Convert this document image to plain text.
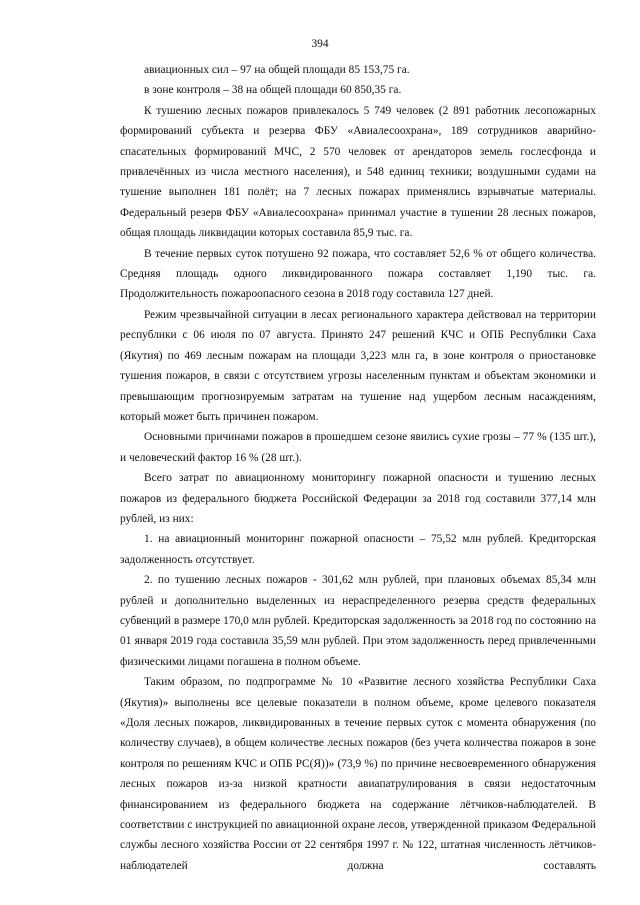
394

авиационных сил – 97 на общей площади 85 153,75 га.

в зоне контроля – 38 на общей площади 60 850,35 га.

К тушению лесных пожаров привлекалось 5 749 человек (2 891 работник лесопожарных формирований субъекта и резерва ФБУ «Авиалесоохрана», 189 сотрудников аварийно-спасательных формирований МЧС, 2 570 человек от арендаторов земель гослесфонда и привлечённых из числа местного населения), и 548 единиц техники; воздушными судами на тушение выполнен 181 полёт; на 7 лесных пожарах применялись взрывчатые материалы. Федеральный резерв ФБУ «Авиалесоохрана» принимал участие в тушении 28 лесных пожаров, общая площадь ликвидации которых составила 85,9 тыс. га.

В течение первых суток потушено 92 пожара, что составляет 52,6 % от общего количества. Средняя площадь одного ликвидированного пожара составляет 1,190 тыс. га. Продолжительность пожароопасного сезона в 2018 году составила 127 дней.

Режим чрезвычайной ситуации в лесах регионального характера действовал на территории республики с 06 июля по 07 августа. Принято 247 решений КЧС и ОПБ Республики Саха (Якутия) по 469 лесным пожарам на площади 3,223 млн га, в зоне контроля о приостановке тушения пожаров, в связи с отсутствием угрозы населенным пунктам и объектам экономики и превышающим прогнозируемым затратам на тушение над ущербом лесным насаждениям, который может быть причинен пожаром.

Основными причинами пожаров в прошедшем сезоне явились сухие грозы – 77 % (135 шт.), и человеческий фактор 16 % (28 шт.).

Всего затрат по авиационному мониторингу пожарной опасности и тушению лесных пожаров из федерального бюджета Российской Федерации за 2018 год составили 377,14 млн рублей, из них:

1. на авиационный мониторинг пожарной опасности – 75,52 млн рублей. Кредиторская задолженность отсутствует.

2. по тушению лесных пожаров - 301,62 млн рублей, при плановых объемах 85,34 млн рублей и дополнительно выделенных из нераспределенного резерва средств федеральных субвенций в размере 170,0 млн рублей. Кредиторская задолженность за 2018 год по состоянию на 01 января 2019 года составила 35,59 млн рублей. При этом задолженность перед привлеченными физическими лицами погашена в полном объеме.

Таким образом, по подпрограмме № 10 «Развитие лесного хозяйства Республики Саха (Якутия)» выполнены все целевые показатели в полном объеме, кроме целевого показателя «Доля лесных пожаров, ликвидированных в течение первых суток с момента обнаружения (по количеству случаев), в общем количестве лесных пожаров (без учета количества пожаров в зоне контроля по решениям КЧС и ОПБ РС(Я))» (73,9 %) по причине несвоевременного обнаружения лесных пожаров из-за низкой кратности авиапатрулирования в связи недостаточным финансированием из федерального бюджета на содержание лётчиков-наблюдателей. В соответствии с инструкцией по авиационной охране лесов, утвержденной приказом Федеральной службы лесного хозяйства России от 22 сентября 1997 г. № 122, штатная численность лётчиков-наблюдателей должна составлять
